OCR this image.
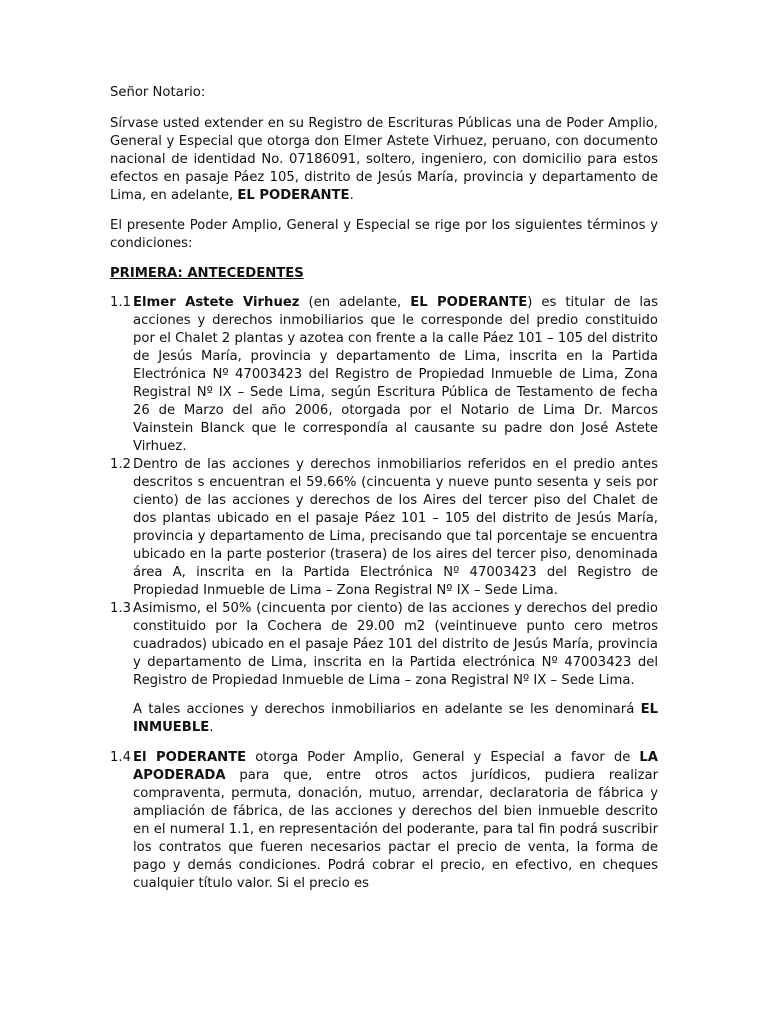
Señor Notario:

Sírvase usted extender en su Registro de Escrituras Públicas una de Poder Amplio, General y Especial que otorga don Elmer Astete Virhuez, peruano, con documento nacional de identidad No. 07186091, soltero, ingeniero, con domicilio para estos efectos en pasaje Páez 105, distrito de Jesús María, provincia y departamento de Lima, en adelante, EL PODERANTE.

El presente Poder Amplio, General y Especial se rige por los siguientes términos y condiciones:

PRIMERA: ANTECEDENTES

1.1 Elmer Astete Virhuez (en adelante, EL PODERANTE) es titular de las acciones y derechos inmobiliarios que le corresponde del predio constituido por el Chalet 2 plantas y azotea con frente a la calle Páez 101 – 105 del distrito de Jesús María, provincia y departamento de Lima, inscrita en la Partida Electrónica Nº 47003423 del Registro de Propiedad Inmueble de Lima, Zona Registral Nº IX – Sede Lima, según Escritura Pública de Testamento de fecha 26 de Marzo del año 2006, otorgada por el Notario de Lima Dr. Marcos Vainstein Blanck que le correspondía al causante su padre don José Astete Virhuez.
1.2 Dentro de las acciones y derechos inmobiliarios referidos en el predio antes descritos s encuentran el 59.66% (cincuenta y nueve punto sesenta y seis por ciento) de las acciones y derechos de los Aires del tercer piso del Chalet de dos plantas ubicado en el pasaje Páez 101 – 105 del distrito de Jesús María, provincia y departamento de Lima, precisando que tal porcentaje se encuentra ubicado en la parte posterior (trasera) de los aires del tercer piso, denominada área A, inscrita en la Partida Electrónica Nº 47003423 del Registro de Propiedad Inmueble de Lima – Zona Registral Nº IX – Sede Lima.
1.3 Asimismo, el 50% (cincuenta por ciento) de las acciones y derechos del predio constituido por la Cochera de 29.00 m2 (veintinueve punto cero metros cuadrados) ubicado en el pasaje Páez 101 del distrito de Jesús María, provincia y departamento de Lima, inscrita en la Partida electrónica Nº 47003423 del Registro de Propiedad Inmueble de Lima – zona Registral Nº IX – Sede Lima.

A tales acciones y derechos inmobiliarios en adelante se les denominará EL INMUEBLE.

1.4 El PODERANTE otorga Poder Amplio, General y Especial a favor de LA APODERADA para que, entre otros actos jurídicos, pudiera realizar compraventa, permuta, donación, mutuo, arrendar, declaratoria de fábrica y ampliación de fábrica, de las acciones y derechos del bien inmueble descrito en el numeral 1.1, en representación del poderante, para tal fin podrá suscribir los contratos que fueren necesarios pactar el precio de venta, la forma de pago y demás condiciones. Podrá cobrar el precio, en efectivo, en cheques cualquier título valor. Si el precio es
